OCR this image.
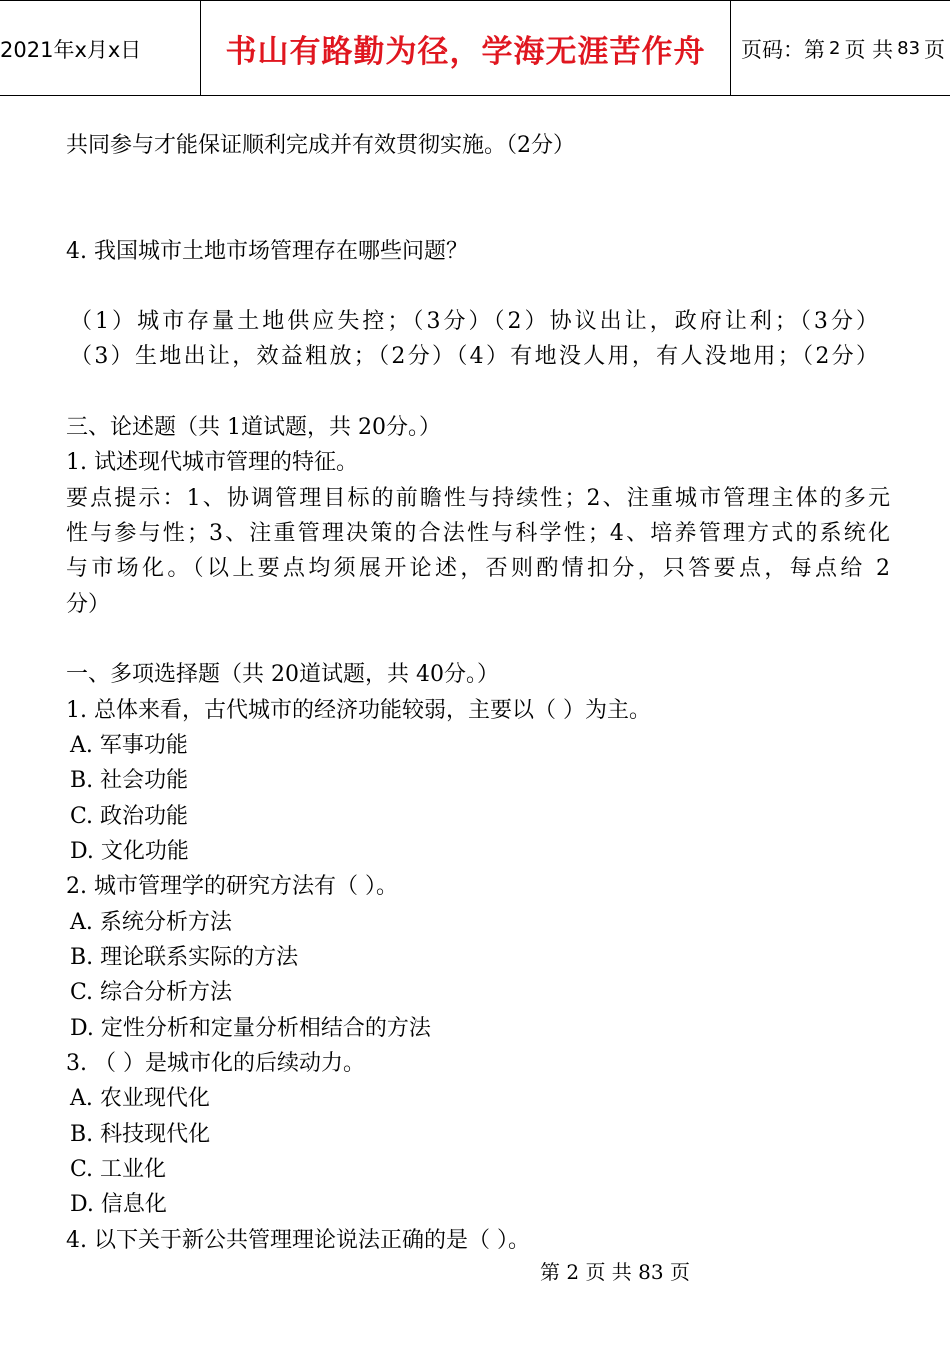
2021年x月x日	书山有路勤为径，学海无涯苦作舟	页码：第 2 页 共 83 页
共同参与才能保证顺利完成并有效贯彻实施。（2分）
4. 我国城市土地市场管理存在哪些问题？
（1）城市存量土地供应失控；（3分）（2）协议出让，政府让利；（3分）
（3）生地出让，效益粗放；（2分）（4）有地没人用，有人没地用；（2分）
三、论述题（共 1道试题，共 20分。）
1. 试述现代城市管理的特征。
要点提示：1、协调管理目标的前瞻性与持续性；2、注重城市管理主体的多元
性与参与性；3、注重管理决策的合法性与科学性；4、培养管理方式的系统化
与市场化。（以上要点均须展开论述，否则酌情扣分，只答要点，每点给 2
分）
一、多项选择题（共 20道试题，共 40分。）
1. 总体来看，古代城市的经济功能较弱，主要以（ ）为主。
A. 军事功能
B. 社会功能
C. 政治功能
D. 文化功能
2. 城市管理学的研究方法有（ ）。
A. 系统分析方法
B. 理论联系实际的方法
C. 综合分析方法
D. 定性分析和定量分析相结合的方法
3. （ ）是城市化的后续动力。
A. 农业现代化
B. 科技现代化
C. 工业化
D. 信息化
4. 以下关于新公共管理理论说法正确的是（ ）。
第 2 页 共 83 页
